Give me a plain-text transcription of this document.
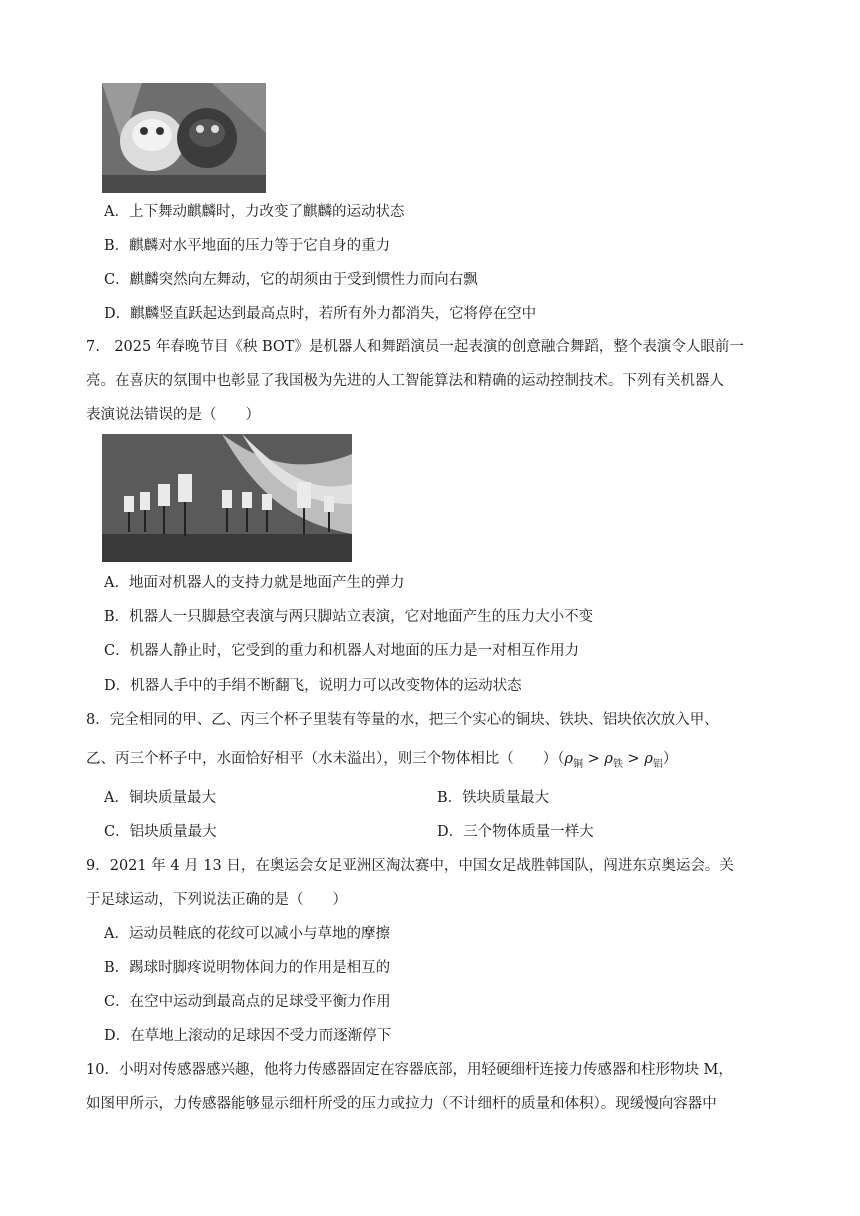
A．上下舞动麒麟时，力改变了麒麟的运动状态
B．麒麟对水平地面的压力等于它自身的重力
C．麒麟突然向左舞动，它的胡须由于受到惯性力而向右飘
D．麒麟竖直跃起达到最高点时，若所有外力都消失，它将停在空中
7.　2025 年春晚节目《秧 BOT》是机器人和舞蹈演员一起表演的创意融合舞蹈，整个表演令人眼前一
亮。在喜庆的氛围中也彰显了我国极为先进的人工智能算法和精确的运动控制技术。下列有关机器人
表演说法错误的是（　　）
A．地面对机器人的支持力就是地面产生的弹力
B．机器人一只脚悬空表演与两只脚站立表演，它对地面产生的压力大小不变
C．机器人静止时，它受到的重力和机器人对地面的压力是一对相互作用力
D．机器人手中的手绢不断翻飞，说明力可以改变物体的运动状态
8．完全相同的甲、乙、丙三个杯子里装有等量的水，把三个实心的铜块、铁块、铝块依次放入甲、
乙、丙三个杯子中，水面恰好相平（水未溢出），则三个物体相比（　　）$(\rho_铜 > \rho_铁 > \rho_铝)$
A．铜块质量最大	B．铁块质量最大
C．铝块质量最大	D．三个物体质量一样大
9．2021 年 4 月 13 日，在奥运会女足亚洲区淘汰赛中，中国女足战胜韩国队，闯进东京奥运会。关
于足球运动，下列说法正确的是（　　）
A．运动员鞋底的花纹可以减小与草地的摩擦
B．踢球时脚疼说明物体间力的作用是相互的
C．在空中运动到最高点的足球受平衡力作用
D．在草地上滚动的足球因不受力而逐渐停下
10．小明对传感器感兴趣，他将力传感器固定在容器底部，用轻硬细杆连接力传感器和柱形物块 M，
如图甲所示，力传感器能够显示细杆所受的压力或拉力（不计细杆的质量和体积）。现缓慢向容器中
